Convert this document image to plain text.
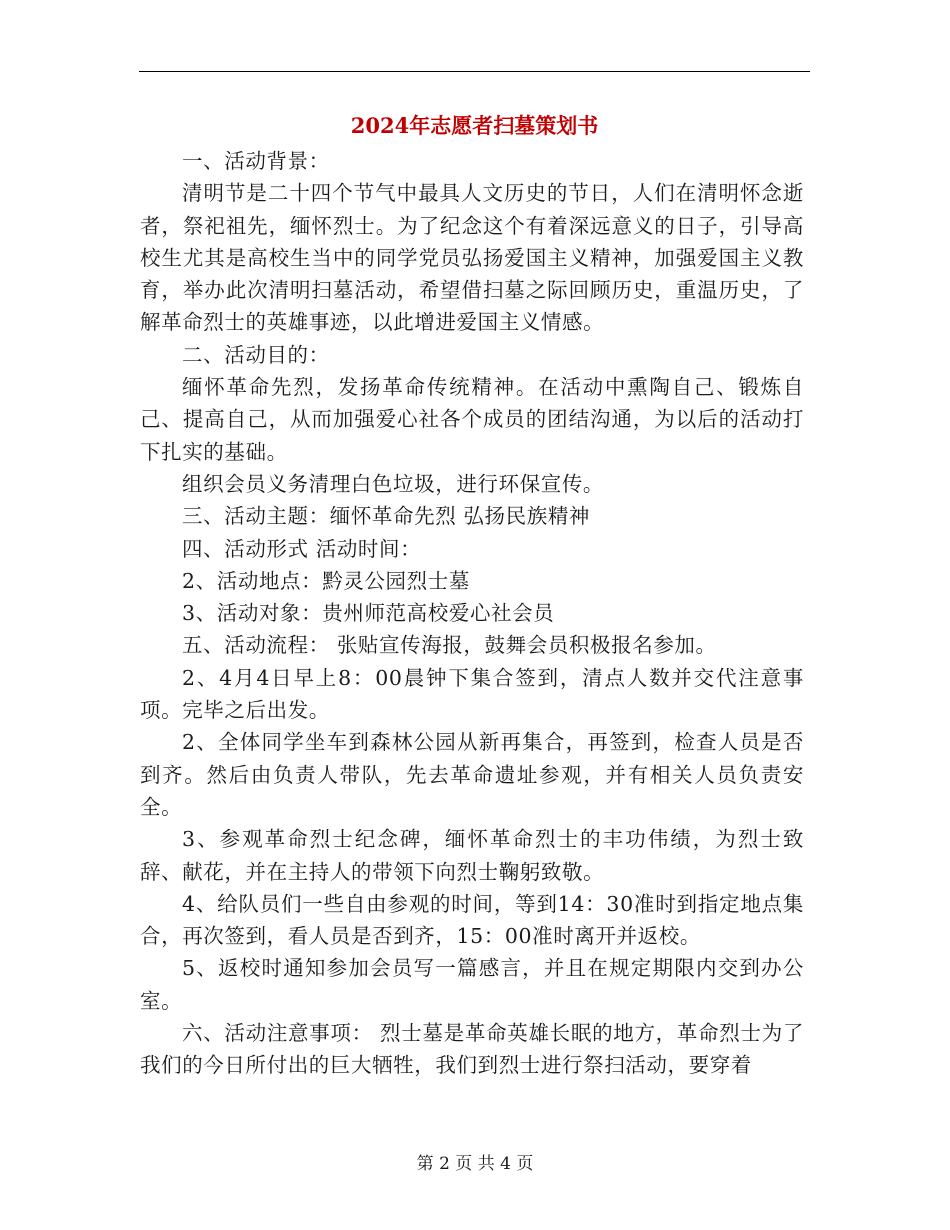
2024年志愿者扫墓策划书

一、活动背景：

清明节是二十四个节气中最具人文历史的节日，人们在清明怀念逝者，祭祀祖先，缅怀烈士。为了纪念这个有着深远意义的日子，引导高校生尤其是高校生当中的同学党员弘扬爱国主义精神，加强爱国主义教育，举办此次清明扫墓活动，希望借扫墓之际回顾历史，重温历史，了解革命烈士的英雄事迹，以此增进爱国主义情感。

二、活动目的：

缅怀革命先烈，发扬革命传统精神。在活动中熏陶自己、锻炼自己、提高自己，从而加强爱心社各个成员的团结沟通，为以后的活动打下扎实的基础。

组织会员义务清理白色垃圾，进行环保宣传。

三、活动主题：缅怀革命先烈 弘扬民族精神

四、活动形式 活动时间：

2、活动地点：黔灵公园烈士墓

3、活动对象：贵州师范高校爱心社会员

五、活动流程： 张贴宣传海报，鼓舞会员积极报名参加。

2、4月4日早上8：00晨钟下集合签到，清点人数并交代注意事项。完毕之后出发。

2、全体同学坐车到森林公园从新再集合，再签到，检查人员是否到齐。然后由负责人带队，先去革命遗址参观，并有相关人员负责安全。

3、参观革命烈士纪念碑，缅怀革命烈士的丰功伟绩，为烈士致辞、献花，并在主持人的带领下向烈士鞠躬致敬。

4、给队员们一些自由参观的时间，等到14：30准时到指定地点集合，再次签到，看人员是否到齐，15：00准时离开并返校。

5、返校时通知参加会员写一篇感言，并且在规定期限内交到办公室。

六、活动注意事项： 烈士墓是革命英雄长眠的地方，革命烈士为了我们的今日所付出的巨大牺牲，我们到烈士进行祭扫活动，要穿着

第 2 页 共 4 页
